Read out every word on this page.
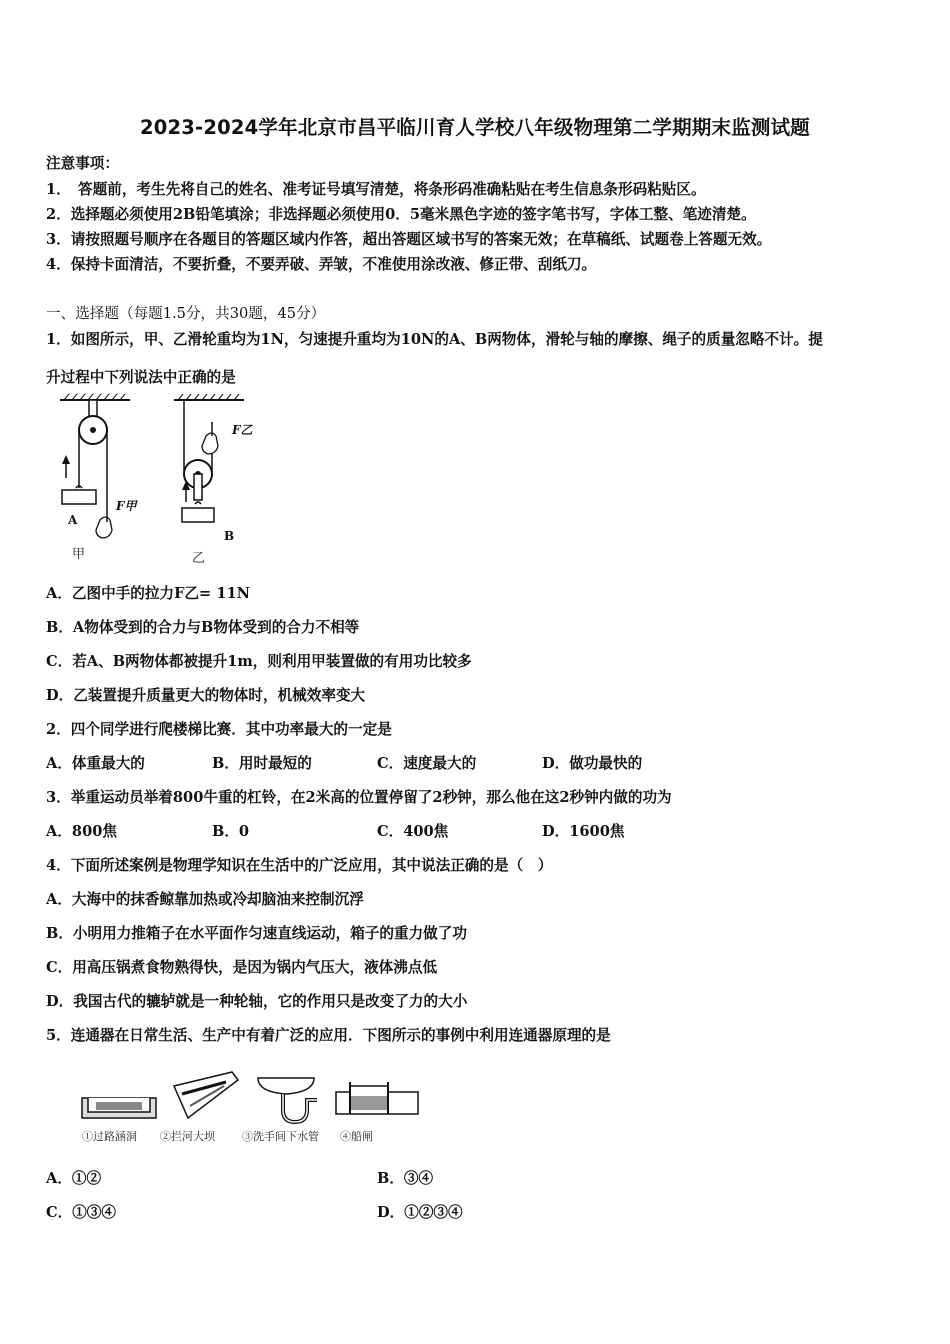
2023-2024学年北京市昌平临川育人学校八年级物理第二学期期末监测试题
注意事项：
1．　答题前，考生先将自己的姓名、准考证号填写清楚，将条形码准确粘贴在考生信息条形码粘贴区。
2．选择题必须使用2B铅笔填涂；非选择题必须使用0．5毫米黑色字迹的签字笔书写，字体工整、笔迹清楚。
3．请按照题号顺序在各题目的答题区域内作答，超出答题区域书写的答案无效；在草稿纸、试题卷上答题无效。
4．保持卡面清洁，不要折叠，不要弄破、弄皱，不准使用涂改液、修正带、刮纸刀。
一、选择题（每题1.5分，共30题，45分）
1．如图所示，甲、乙滑轮重均为1N，匀速提升重均为10N的A、B两物体，滑轮与轴的摩擦、绳子的质量忽略不计。提
升过程中下列说法中正确的是
A
F甲
甲
F乙
B
乙
A．乙图中手的拉力F乙= 11N
B．A物体受到的合力与B物体受到的合力不相等
C．若A、B两物体都被提升1m，则利用甲装置做的有用功比较多
D．乙装置提升质量更大的物体时，机械效率变大
2．四个同学进行爬楼梯比赛．其中功率最大的一定是
A．体重最大的	B．用时最短的	C．速度最大的	D．做功最快的
3．举重运动员举着800牛重的杠铃，在2米高的位置停留了2秒钟，那么他在这2秒钟内做的功为
A．800焦	B．0	C．400焦	D．1600焦
4．下面所述案例是物理学知识在生活中的广泛应用，其中说法正确的是（　）
A．大海中的抹香鲸靠加热或冷却脑油来控制沉浮
B．小明用力推箱子在水平面作匀速直线运动，箱子的重力做了功
C．用高压锅煮食物熟得快，是因为锅内气压大，液体沸点低
D．我国古代的辘轳就是一种轮轴，它的作用只是改变了力的大小
5．连通器在日常生活、生产中有着广泛的应用．下图所示的事例中利用连通器原理的是
①过路涵洞 ②拦河大坝 ③洗手间下水管 ④船闸
A．①②	B．③④
C．①③④	D．①②③④
